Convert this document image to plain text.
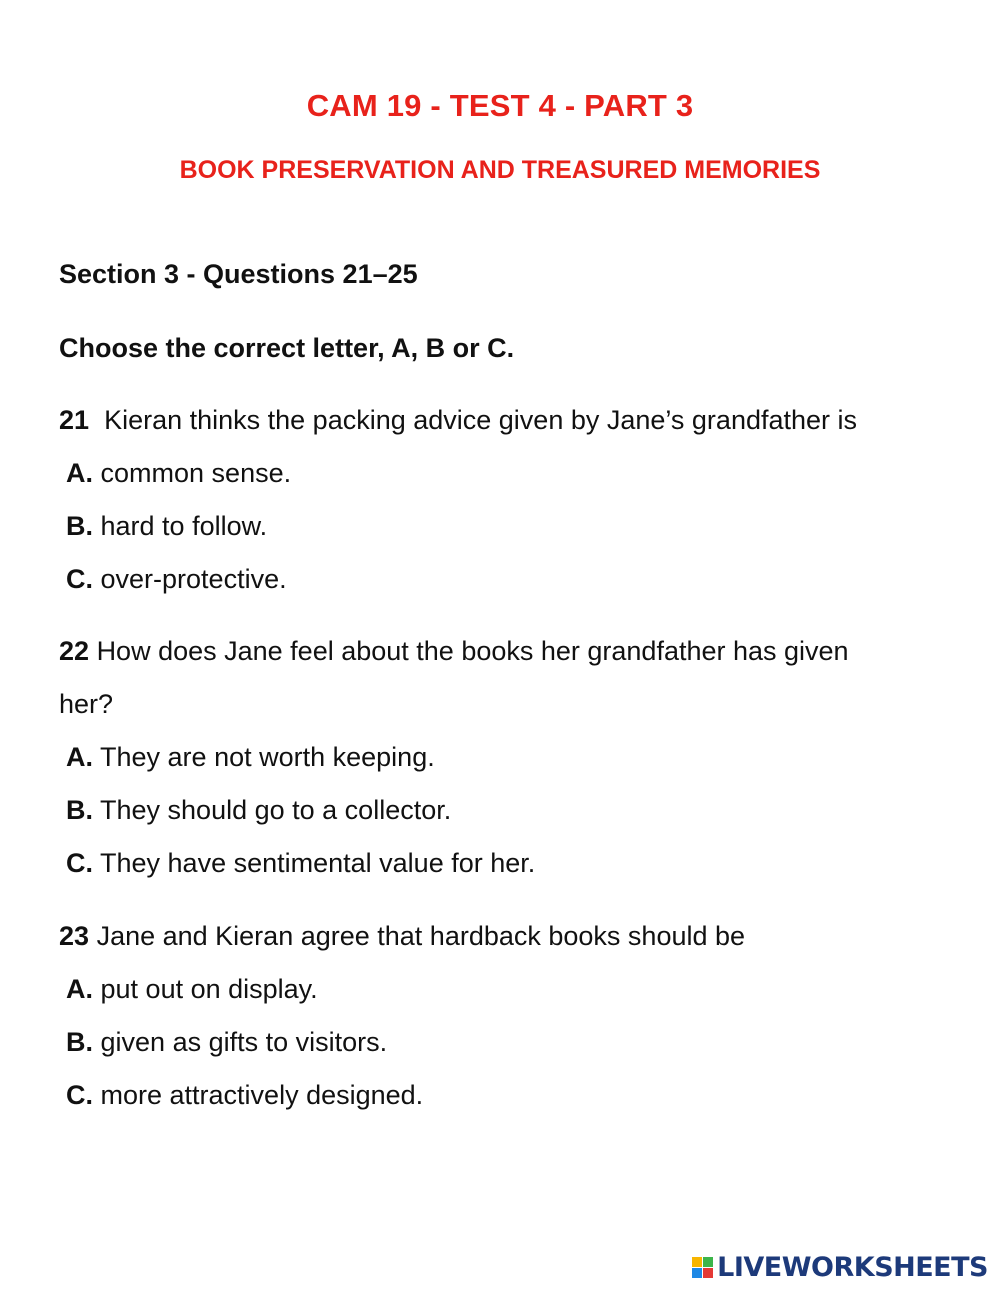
CAM 19 - TEST 4 - PART 3
BOOK PRESERVATION AND TREASURED MEMORIES

Section 3 - Questions 21–25

Choose the correct letter, A, B or C.

21 Kieran thinks the packing advice given by Jane’s grandfather is

A. common sense.

B. hard to follow.

C. over-protective.

22 How does Jane feel about the books her grandfather has given

her?

A. They are not worth keeping.

B. They should go to a collector.

C. They have sentimental value for her.

23 Jane and Kieran agree that hardback books should be

A. put out on display.

B. given as gifts to visitors.

C. more attractively designed.

LIVEWORKSHEETS
